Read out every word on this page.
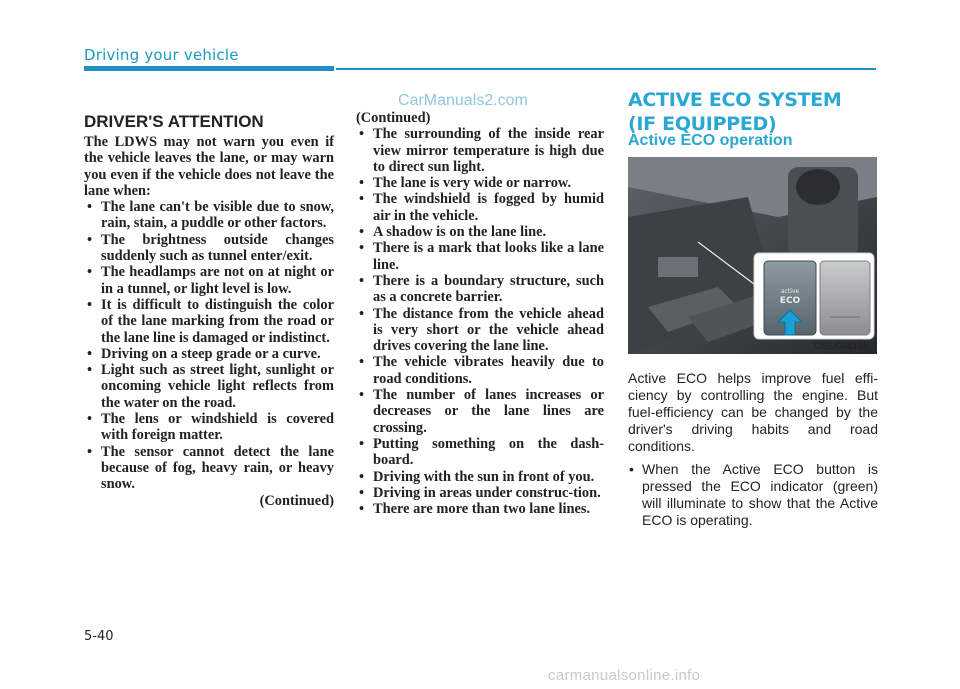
Driving your vehicle
CarManuals2.com
DRIVER'S ATTENTION

The LDWS may not warn you even if the vehicle leaves the lane, or may warn you even if the vehicle does not leave the lane when:

• The lane can't be visible due to snow, rain, stain, a puddle or other factors.
• The brightness outside changes suddenly such as tunnel enter/exit.
• The headlamps are not on at night or in a tunnel, or light level is low.
• It is difficult to distinguish the color of the lane marking from the road or the lane line is damaged or indistinct.
• Driving on a steep grade or a curve.
• Light such as street light, sunlight or oncoming vehicle light reflects from the water on the road.
• The lens or windshield is covered with foreign matter.
• The sensor cannot detect the lane because of fog, heavy rain, or heavy snow.

(Continued)

(Continued)

• The surrounding of the inside rear view mirror temperature is high due to direct sun light.
• The lane is very wide or narrow.
• The windshield is fogged by humid air in the vehicle.
• A shadow is on the lane line.
• There is a mark that looks like a lane line.
• There is a boundary structure, such as a concrete barrier.
• The distance from the vehicle ahead is very short or the vehicle ahead drives covering the lane line.
• The vehicle vibrates heavily due to road conditions.
• The number of lanes increases or decreases or the lane lines are crossing.
• Putting something on the dash-board.
• Driving with the sun in front of you.
• Driving in areas under construc-tion.
• There are more than two lane lines.
ACTIVE ECO SYSTEM
(IF EQUIPPED)
Active ECO operation
active
ECO
OEU044195

Active ECO helps improve fuel effi-ciency by controlling the engine. But fuel-efficiency can be changed by the driver's driving habits and road conditions.

• When the Active ECO button is pressed the ECO indicator (green) will illuminate to show that the Active ECO is operating.
5-40
carmanualsonline.info
